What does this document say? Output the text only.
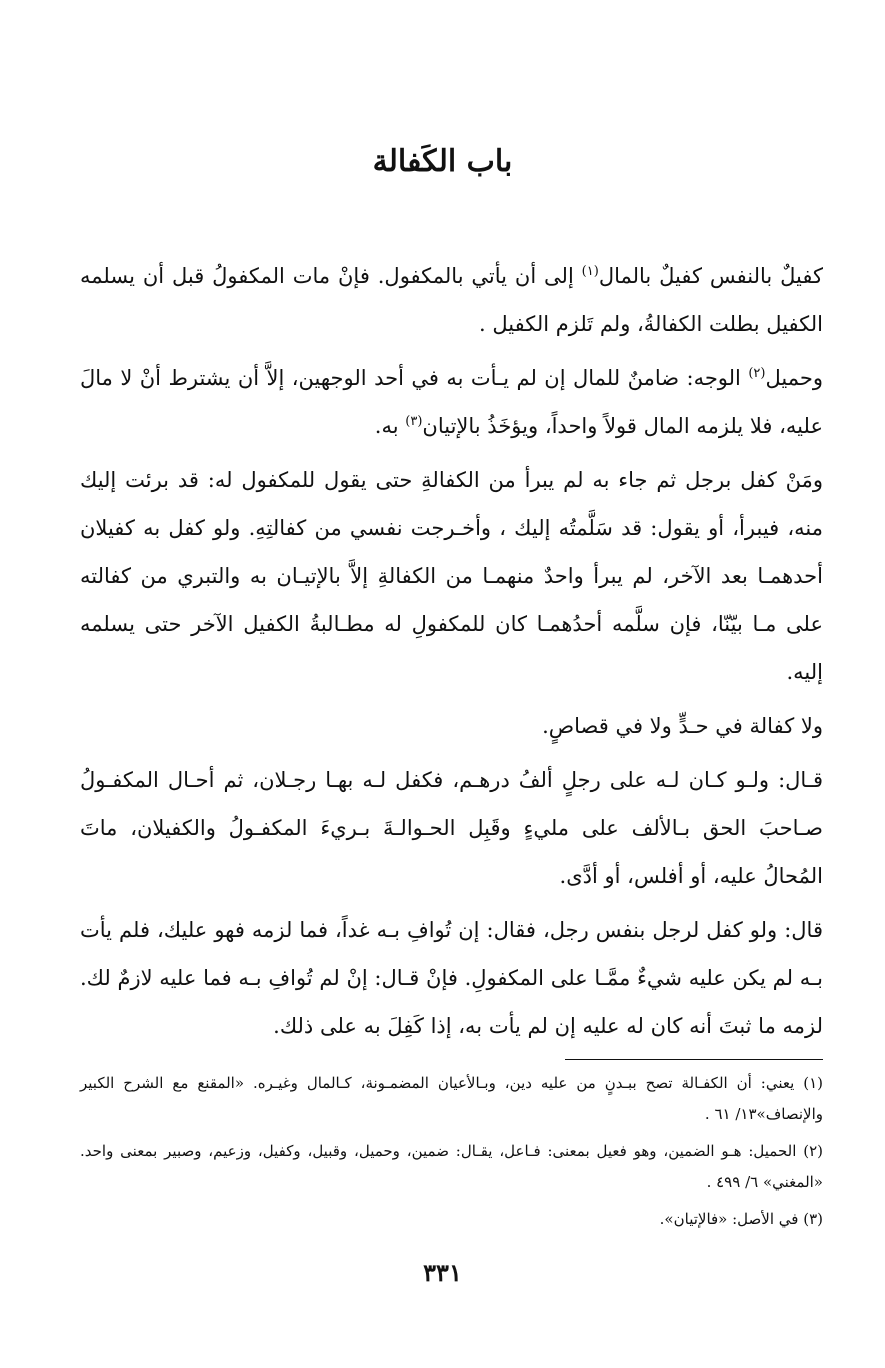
باب الكَفالة

كفيلٌ بالنفس كفيلٌ بالمال$^{(١)}$ إلى أن يأتي بالمكفول. فإنْ مات المكفولُ قبل أن يسلمه الكفيل بطلت الكفالةُ، ولم تَلزم الكفيل .

وحميل$^{(٢)}$ الوجه: ضامنٌ للمال إن لم يـأت به في أحد الوجهين، إلاَّ أن يشترط أنْ لا مالَ عليه، فلا يلزمه المال قولاً واحداً، ويؤخَذُ بالإتيان$^{(٣)}$ به.

ومَنْ كفل برجل ثم جاء به لم يبرأ من الكفالةِ حتى يقول للمكفول له: قد برئت إليك منه، فيبرأ، أو يقول: قد سَلَّمتُه إليك ، وأخـرجت نفسي من كفالتِهِ. ولو كفل به كفيلان أحدهمـا بعد الآخر، لم يبرأ واحدٌ منهمـا من الكفالةِ إلاَّ بالإتيـان به والتبري من كفالته على مـا بيّنّا، فإن سلَّمه أحدُهمـا كان للمكفولِ له مطـالبةُ الكفيل الآخر حتى يسلمه إليه.

ولا كفالة في حـدٍّ ولا في قصاصٍ.

قـال: ولـو كـان لـه على رجلٍ ألفُ درهـم، فكفل لـه بهـا رجـلان، ثم أحـال المكفـولُ صـاحبَ الحق بـالألف على مليءٍ وقَبِل الحـوالـةَ بـريءَ المكفـولُ والكفيلان، ماتَ المُحالُ عليه، أو أفلس، أو أدَّى.

قال: ولو كفل لرجل بنفس رجل، فقال: إن تُوافِ بـه غداً، فما لزمه فهو عليك، فلم يأت بـه لم يكن عليه شيءٌ ممَّـا على المكفولِ. فإنْ قـال: إنْ لم تُوافِ بـه فما عليه لازمٌ لك. لزمه ما ثبتَ أنه كان له عليه إن لم يأت به، إذا كَفِلَ به على ذلك.

(١) يعني: أن الكفـالة تصح ببـدنٍ من عليه دين، وبـالأعيان المضمـونة، كـالمال وغيـره. «المقنع مع الشرح الكبير والإنصاف»١٣/ ٦١ .

(٢) الحميل: هـو الضمين، وهو فعيل بمعنى: فـاعل، يقـال: ضمين، وحميل، وقبيل، وكفيل، وزعيم، وصبير بمعنى واحد. «المغني» ٦/ ٤٩٩ .

(٣) في الأصل: «فالإتيان».

٣٣١
